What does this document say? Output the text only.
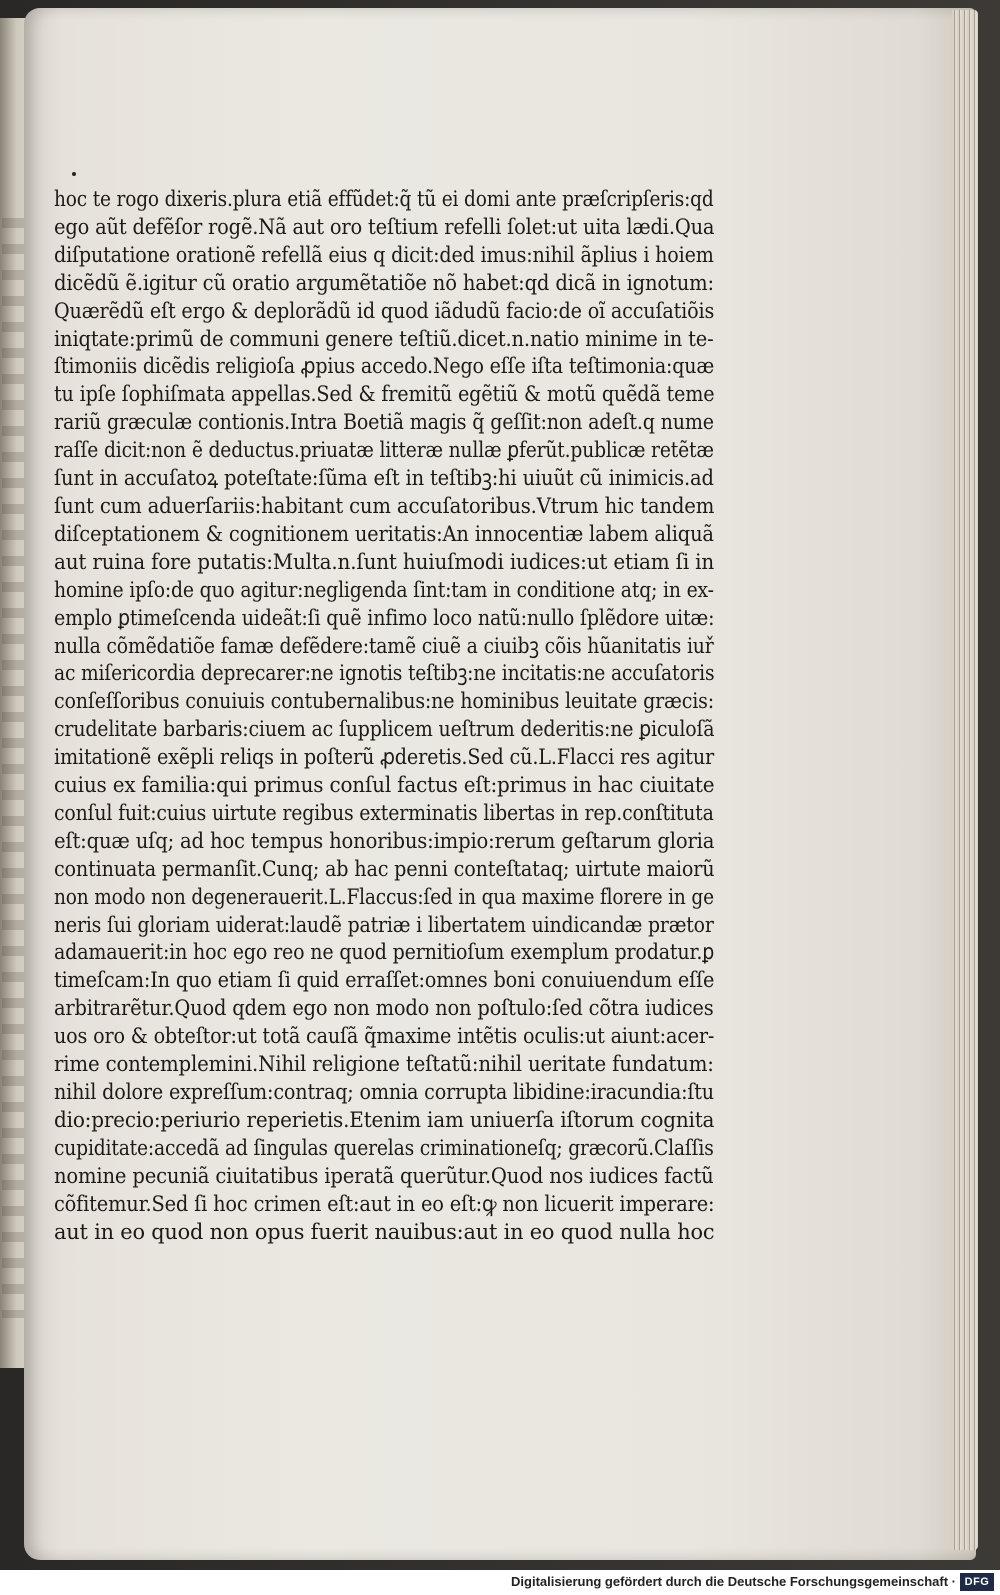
hoc te rogo dixeris.plura etiã effũdet:q̃ tũ ei domi ante præſcripſeris:qd
ego aũt defẽſor rogẽ.Nã aut oro teſtium refelli ſolet:ut uita lædi.Qua
diſputatione orationẽ refellã eius q dicit:ded imus:nihil ãplius i hoiem
dicẽdũ ẽ.igitur cũ oratio argumẽtatiõe nõ habet:qd dicã in ignotum:
Quærẽdũ eſt ergo & deplorãdũ id quod iãdudũ facio:de oĩ accuſatiõis
iniqtate:primũ de communi genere teſtiũ.dicet.n.natio minime in te-
ſtimoniis dicẽdis religioſa ꝓpius accedo.Nego eſſe iſta teſtimonia:quæ
tu ipſe ſophiſmata appellas.Sed & fremitũ egẽtiũ & motũ quẽdã teme
rariũ græculæ contionis.Intra Boetiã magis q̃ geſſit:non adeſt.q nume
raſſe dicit:non ẽ deductus.priuatæ litteræ nullæ ꝑferũt.publicæ retẽtæ
ſunt in accuſatoꝝ poteſtate:ſũma eſt in teſtibꝫ:hi uiuũt cũ inimicis.ad
ſunt cum aduerſariis:habitant cum accuſatoribus.Vtrum hic tandem
diſceptationem & cognitionem ueritatis:An innocentiæ labem aliquã
aut ruina fore putatis:Multa.n.ſunt huiuſmodi iudices:ut etiam ſi in
homine ipſo:de quo agitur:negligenda ſint:tam in conditione atq; in ex-
emplo ꝑtimeſcenda uideãt:ſi quẽ infimo loco natũ:nullo ſplẽdore uitæ:
nulla cõmẽdatiõe famæ defẽdere:tamẽ ciuẽ a ciuibꝫ cõis hũanitatis iuř
ac miſericordia deprecarer:ne ignotis teſtibꝫ:ne incitatis:ne accuſatoris
conſeſſoribus conuiuis contubernalibus:ne hominibus leuitate græcis:
crudelitate barbaris:ciuem ac ſupplicem ueſtrum dederitis:ne ꝑiculoſã
imitationẽ exẽpli reliqs in poſterũ ꝓderetis.Sed cũ.L.Flacci res agitur
cuius ex familia:qui primus conſul factus eſt:primus in hac ciuitate
conſul fuit:cuius uirtute regibus exterminatis libertas in rep.conſtituta
eſt:quæ uſq; ad hoc tempus honoribus:impio:rerum geſtarum gloria
continuata permanſit.Cunq; ab hac penni conteſtataq; uirtute maiorũ
non modo non degenerauerit.L.Flaccus:ſed in qua maxime florere in ge
neris ſui gloriam uiderat:laudẽ patriæ i libertatem uindicandæ prætor
adamauerit:in hoc ego reo ne quod pernitioſum exemplum prodatur.ꝑ
timeſcam:In quo etiam ſi quid erraſſet:omnes boni conuiuendum eſſe
arbitrarẽtur.Quod qdem ego non modo non poſtulo:ſed cõtra iudices
uos oro & obteſtor:ut totã cauſã q̃maxime intẽtis oculis:ut aiunt:acer-
rime contemplemini.Nihil religione teſtatũ:nihil ueritate fundatum:
nihil dolore expreſſum:contraq; omnia corrupta libidine:iracundia:ſtu
dio:precio:periurio reperietis.Etenim iam uniuerſa iſtorum cognita
cupiditate:accedã ad ſingulas querelas criminationeſq; græcorũ.Claſſis
nomine pecuniã ciuitatibus iperatã querũtur.Quod nos iudices factũ
cõfitemur.Sed ſi hoc crimen eſt:aut in eo eſt:ꝙ non licuerit imperare:
aut in eo quod non opus fuerit nauibus:aut in eo quod nulla hoc
Digitalisierung gefördert durch die Deutsche Forschungsgemeinschaft · DFG
